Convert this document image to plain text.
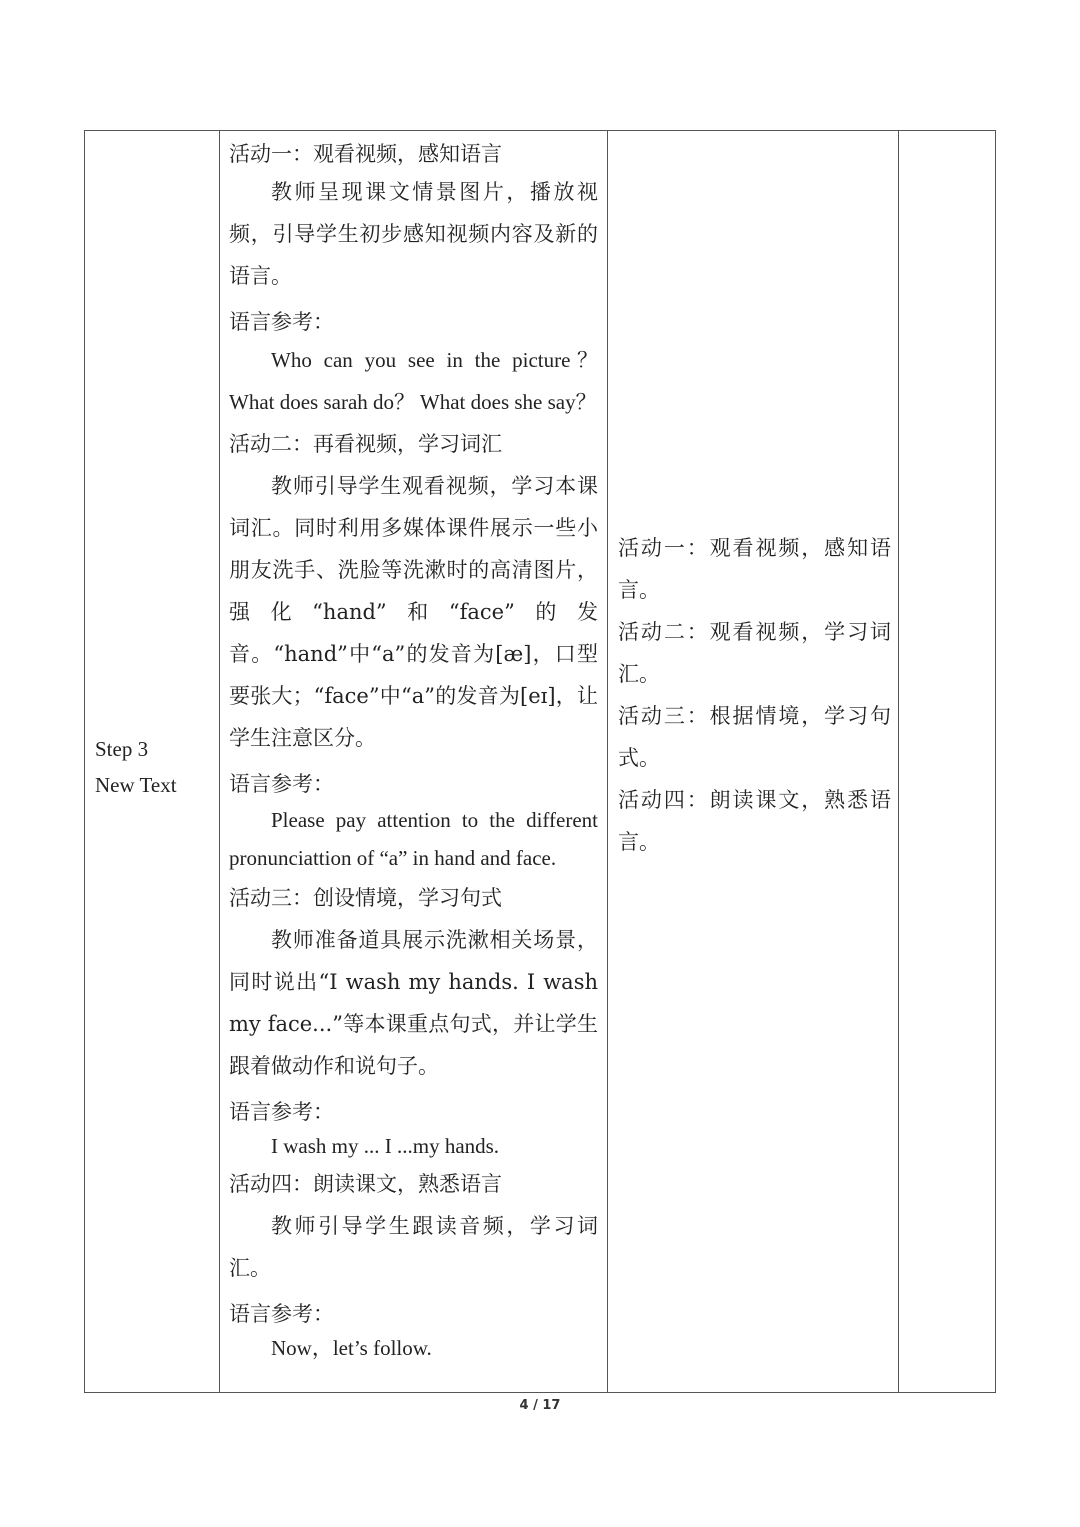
Step 3
New Text

活动一：观看视频，感知语言

教师呈现课文情景图片，播放视频，引导学生初步感知视频内容及新的语言。

语言参考：

Who can you see in the picture？ What does sarah do？ What does she say？

活动二：再看视频，学习词汇

教师引导学生观看视频，学习本课词汇。同时利用多媒体课件展示一些小朋友洗手、洗脸等洗漱时的高清图片，强化“hand”和“face”的发音。“hand”中“a”的发音为[æ]，口型要张大；“face”中“a”的发音为[eɪ]，让学生注意区分。

语言参考：

Please pay attention to the different pronunciattion of “a” in hand and face.

活动三：创设情境，学习句式

教师准备道具展示洗漱相关场景，同时说出“I wash my hands. I wash my face...”等本课重点句式，并让学生跟着做动作和说句子。

语言参考：

I wash my ... I ...my hands.

活动四：朗读课文，熟悉语言

教师引导学生跟读音频，学习词汇。

语言参考：

Now，let’s follow.

活动一：观看视频，感知语言。

活动二：观看视频，学习词汇。

活动三：根据情境，学习句式。

活动四：朗读课文，熟悉语言。

4 / 17
